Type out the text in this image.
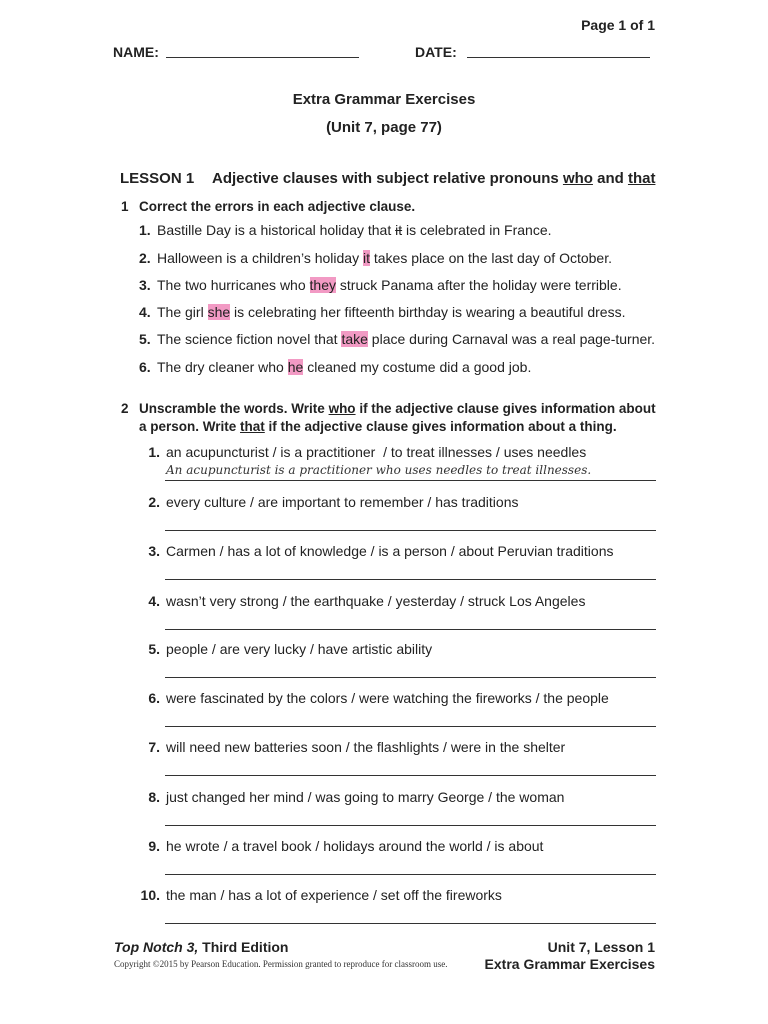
Page 1 of 1
NAME:	DATE:
Extra Grammar Exercises
(Unit 7, page 77)
LESSON 1 Adjective clauses with subject relative pronouns who and that
1 Correct the errors in each adjective clause.
1. Bastille Day is a historical holiday that it is celebrated in France.
2. Halloween is a children’s holiday it takes place on the last day of October.
3. The two hurricanes who they struck Panama after the holiday were terrible.
4. The girl she is celebrating her fifteenth birthday is wearing a beautiful dress.
5. The science fiction novel that take place during Carnaval was a real page-turner.
6. The dry cleaner who he cleaned my costume did a good job.
2 Unscramble the words. Write who if the adjective clause gives information about
a person. Write that if the adjective clause gives information about a thing.
1. an acupuncturist / is a practitioner  / to treat illnesses / uses needles
An acupuncturist is a practitioner who uses needles to treat illnesses.
2. every culture / are important to remember / has traditions
3. Carmen / has a lot of knowledge / is a person / about Peruvian traditions
4. wasn’t very strong / the earthquake / yesterday / struck Los Angeles
5. people / are very lucky / have artistic ability
6. were fascinated by the colors / were watching the fireworks / the people
7. will need new batteries soon / the flashlights / were in the shelter
8. just changed her mind / was going to marry George / the woman
9. he wrote / a travel book / holidays around the world / is about
10. the man / has a lot of experience / set off the fireworks
Top Notch 3, Third Edition
Copyright ©2015 by Pearson Education. Permission granted to reproduce for classroom use.
Unit 7, Lesson 1
Extra Grammar Exercises
